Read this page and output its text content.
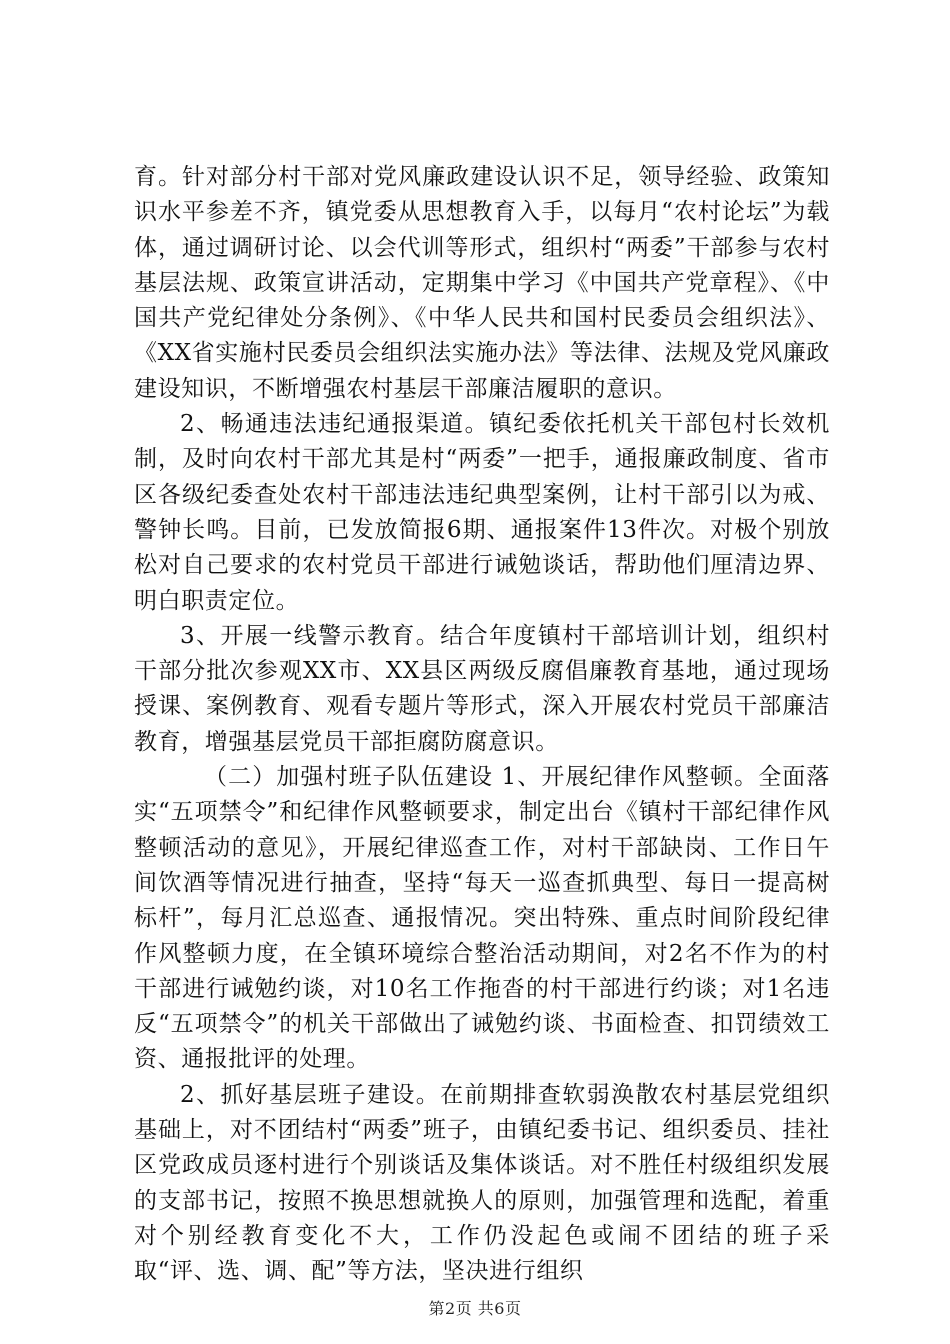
育。针对部分村干部对党风廉政建设认识不足，领导经验、政策知识水平参差不齐，镇党委从思想教育入手，以每月“农村论坛”为载体，通过调研讨论、以会代训等形式，组织村“两委”干部参与农村基层法规、政策宣讲活动，定期集中学习《中国共产党章程》、《中国共产党纪律处分条例》、《中华人民共和国村民委员会组织法》、《XX省实施村民委员会组织法实施办法》等法律、法规及党风廉政建设知识，不断增强农村基层干部廉洁履职的意识。

2、畅通违法违纪通报渠道。镇纪委依托机关干部包村长效机制，及时向农村干部尤其是村“两委”一把手，通报廉政制度、省市区各级纪委查处农村干部违法违纪典型案例，让村干部引以为戒、警钟长鸣。目前，已发放简报6期、通报案件13件次。对极个别放松对自己要求的农村党员干部进行诫勉谈话，帮助他们厘清边界、明白职责定位。

3、开展一线警示教育。结合年度镇村干部培训计划，组织村干部分批次参观XX市、XX县区两级反腐倡廉教育基地，通过现场授课、案例教育、观看专题片等形式，深入开展农村党员干部廉洁教育，增强基层党员干部拒腐防腐意识。

（二）加强村班子队伍建设 1、开展纪律作风整顿。全面落实“五项禁令”和纪律作风整顿要求，制定出台《镇村干部纪律作风整顿活动的意见》，开展纪律巡查工作，对村干部缺岗、工作日午间饮酒等情况进行抽查，坚持“每天一巡查抓典型、每日一提高树标杆”，每月汇总巡查、通报情况。突出特殊、重点时间阶段纪律作风整顿力度，在全镇环境综合整治活动期间，对2名不作为的村干部进行诫勉约谈，对10名工作拖沓的村干部进行约谈；对1名违反“五项禁令”的机关干部做出了诫勉约谈、书面检查、扣罚绩效工资、通报批评的处理。

2、抓好基层班子建设。在前期排查软弱涣散农村基层党组织基础上，对不团结村“两委”班子，由镇纪委书记、组织委员、挂社区党政成员逐村进行个别谈话及集体谈话。对不胜任村级组织发展的支部书记，按照不换思想就换人的原则，加强管理和选配，着重对个别经教育变化不大，工作仍没起色或闹不团结的班子采取“评、选、调、配”等方法，坚决进行组织

第2页 共6页
